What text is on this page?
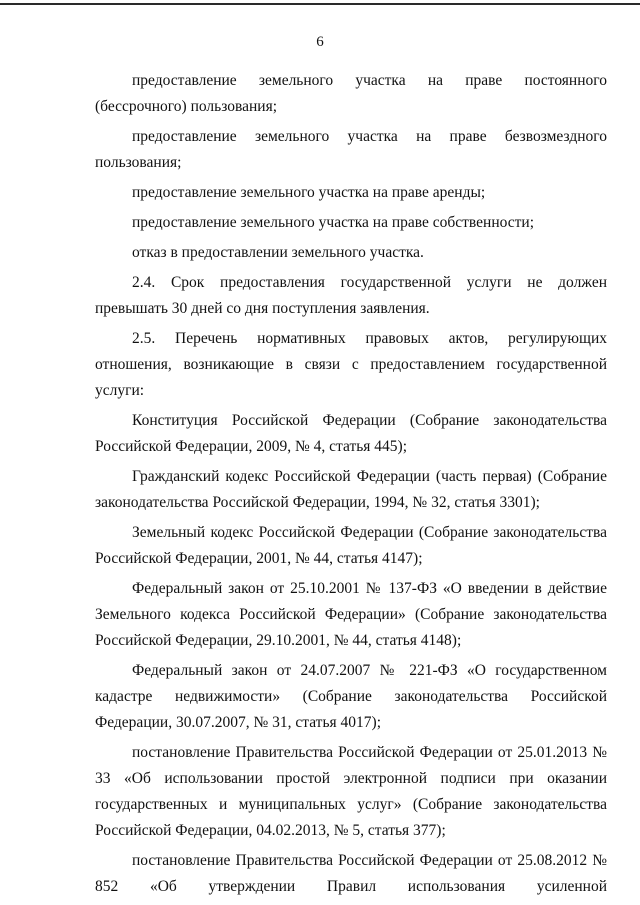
6

предоставление земельного участка на праве постоянного (бессрочного) пользования;

предоставление земельного участка на праве безвозмездного пользования;

предоставление земельного участка на праве аренды;

предоставление земельного участка на праве собственности;

отказ в предоставлении земельного участка.

2.4. Срок предоставления государственной услуги не должен превышать 30 дней со дня поступления заявления.

2.5. Перечень нормативных правовых актов, регулирующих отношения, возникающие в связи с предоставлением государственной услуги:

Конституция Российской Федерации (Собрание законодательства Российской Федерации, 2009, № 4, статья 445);

Гражданский кодекс Российской Федерации (часть первая) (Собрание законодательства Российской Федерации, 1994, № 32, статья 3301);

Земельный кодекс Российской Федерации (Собрание законодательства Российской Федерации, 2001, № 44, статья 4147);

Федеральный закон от 25.10.2001 № 137-ФЗ «О введении в действие Земельного кодекса Российской Федерации» (Собрание законодательства Российской Федерации, 29.10.2001, № 44, статья 4148);

Федеральный закон от 24.07.2007 № 221-ФЗ «О государственном кадастре недвижимости» (Собрание законодательства Российской Федерации, 30.07.2007, № 31, статья 4017);

постановление Правительства Российской Федерации от 25.01.2013 № 33 «Об использовании простой электронной подписи при оказании государственных и муниципальных услуг» (Собрание законодательства Российской Федерации, 04.02.2013, № 5, статья 377);

постановление Правительства Российской Федерации от 25.08.2012 № 852 «Об утверждении Правил использования усиленной
